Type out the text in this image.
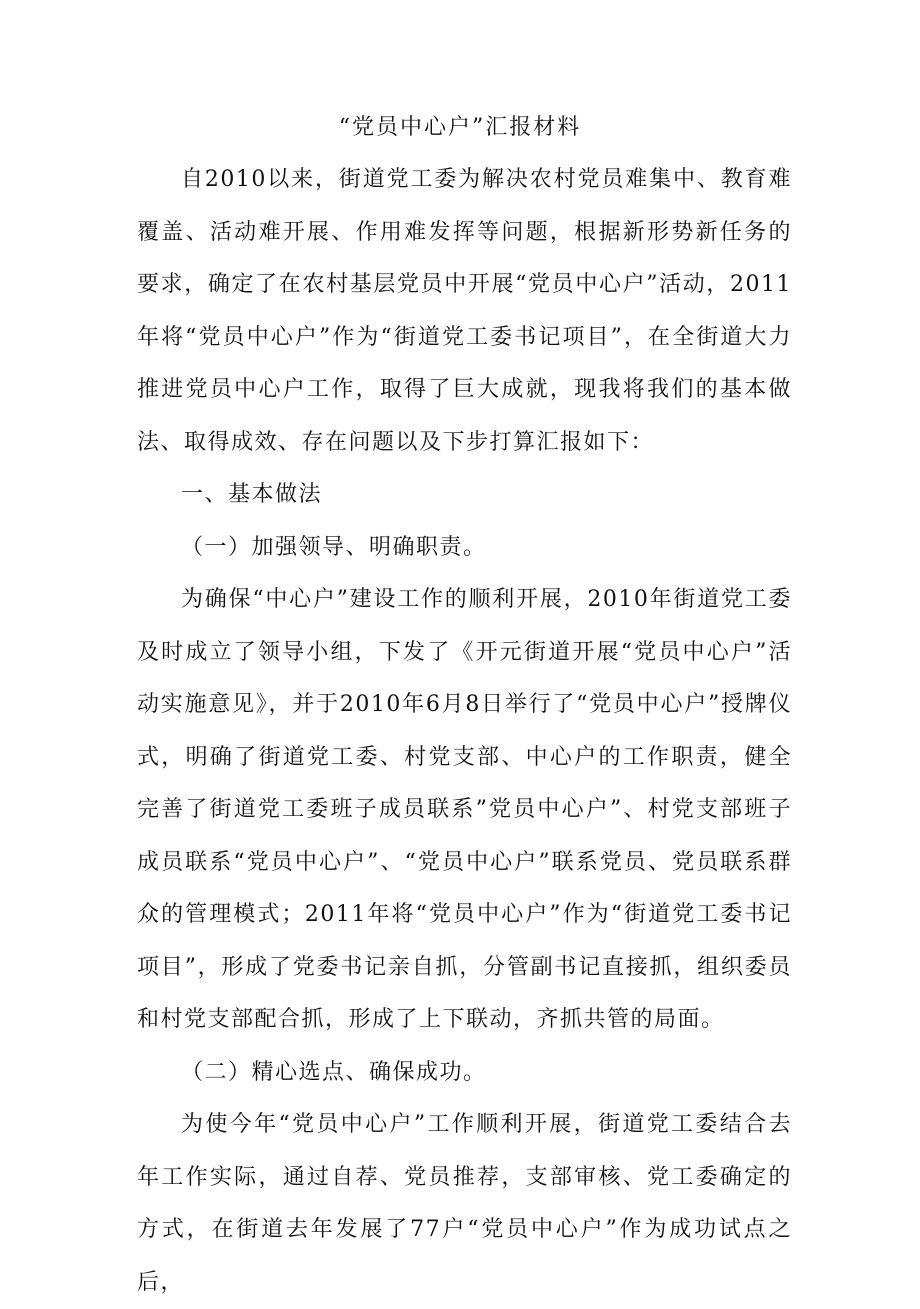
“党员中心户”汇报材料

自2010以来，街道党工委为解决农村党员难集中、教育难覆盖、活动难开展、作用难发挥等问题，根据新形势新任务的要求，确定了在农村基层党员中开展“党员中心户”活动，2011年将“党员中心户”作为“街道党工委书记项目”，在全街道大力推进党员中心户工作，取得了巨大成就，现我将我们的基本做法、取得成效、存在问题以及下步打算汇报如下：

一、基本做法

（一）加强领导、明确职责。

为确保“中心户”建设工作的顺利开展，2010年街道党工委及时成立了领导小组，下发了《开元街道开展“党员中心户”活动实施意见》，并于2010年6月8日举行了“党员中心户”授牌仪式，明确了街道党工委、村党支部、中心户的工作职责，健全完善了街道党工委班子成员联系”党员中心户”、村党支部班子成员联系“党员中心户”、“党员中心户”联系党员、党员联系群众的管理模式；2011年将“党员中心户”作为“街道党工委书记项目”，形成了党委书记亲自抓，分管副书记直接抓，组织委员和村党支部配合抓，形成了上下联动，齐抓共管的局面。

（二）精心选点、确保成功。

为使今年“党员中心户”工作顺利开展，街道党工委结合去年工作实际，通过自荐、党员推荐，支部审核、党工委确定的方式，在街道去年发展了77户“党员中心户”作为成功试点之后，
